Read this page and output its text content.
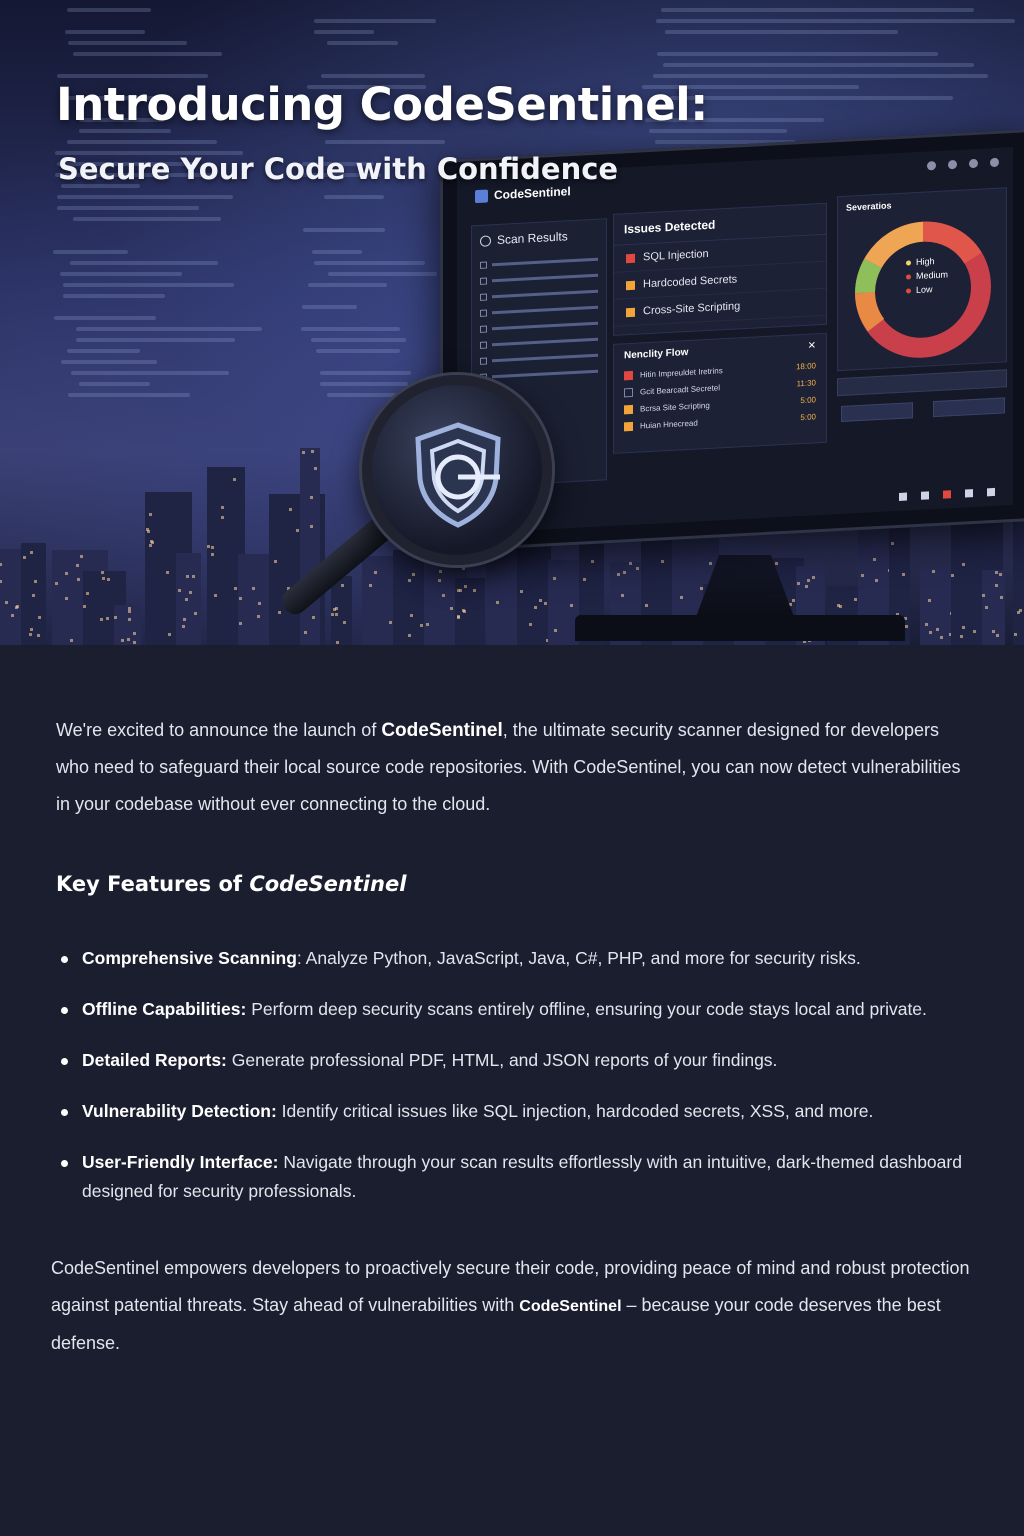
CodeSentinel
Scan Results
Issues Detected
SQL Injection
Hardcoded Secrets
Cross-Site Scripting
Nenclity Flow
✕
Hitin Impreuldet Iretrins	18:00
Gcit Bearcadt Secretel
11:30
Bcrsa Site Scripting
5:00
Huian Hnecread
5:00
Severatios
High
Medium
Low
Introducing CodeSentinel:
Secure Your Code with Confidence

We're excited to announce the launch of CodeSentinel, the ultimate security scanner designed for developers who need to safeguard their local source code repositories. With CodeSentinel, you can now detect vulnerabilities in your codebase without ever connecting to the cloud.

Key Features of CodeSentinel
Comprehensive Scanning: Analyze Python, JavaScript, Java, C#, PHP, and more for security risks.
Offline Capabilities: Perform deep security scans entirely offline, ensuring your code stays local and private.
Detailed Reports: Generate professional PDF, HTML, and JSON reports of your findings.
Vulnerability Detection: Identify critical issues like SQL injection, hardcoded secrets, XSS, and more.
User-Friendly Interface: Navigate through your scan results effortlessly with an intuitive, dark-themed dashboard designed for security professionals.

CodeSentinel empowers developers to proactively secure their code, providing peace of mind and robust protection against patential threats. Stay ahead of vulnerabilities with CodeSentinel – because your code deserves the best defense.
